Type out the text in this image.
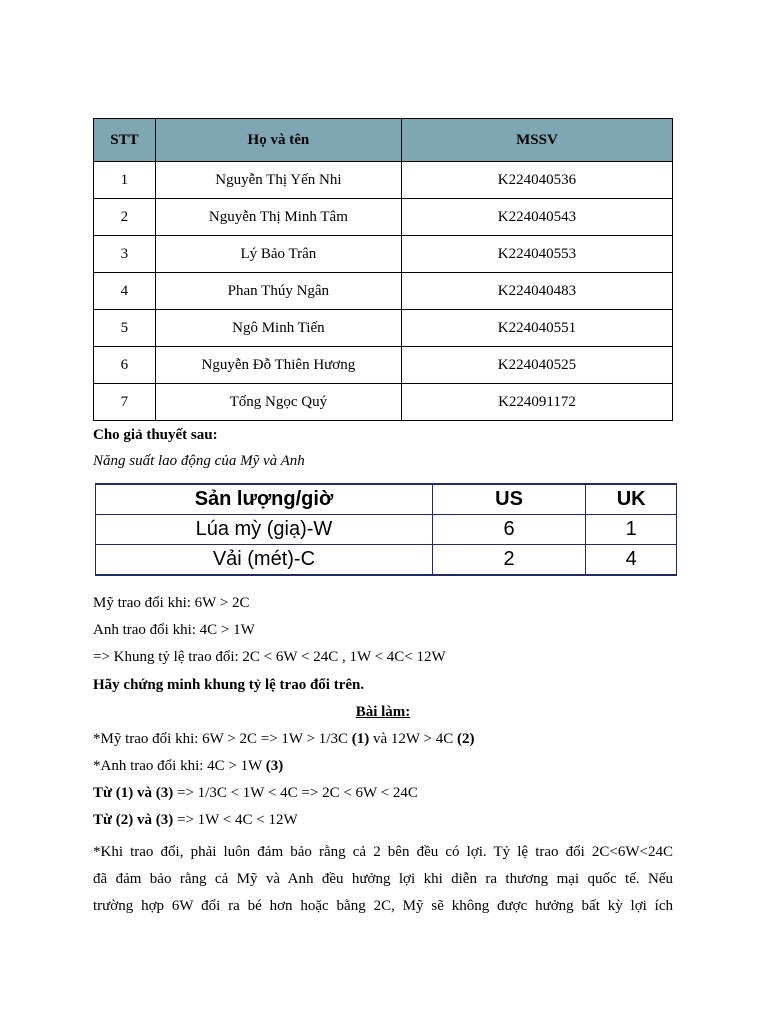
STT	Họ và tên	MSSV
1	Nguyễn Thị Yến Nhi	K224040536
2	Nguyễn Thị Minh Tâm	K224040543
3	Lý Bảo Trân	K224040553
4	Phan Thúy Ngân	K224040483
5	Ngô Minh Tiến	K224040551
6	Nguyễn Đỗ Thiên Hương	K224040525
7	Tống Ngọc Quý	K224091172
Cho giả thuyết sau:
Năng suất lao động của Mỹ và Anh
Sản lượng/giờ	US	UK
Lúa mỳ (giạ)-W	6	1
Vải (mét)-C	2	4
Mỹ trao đổi khi: 6W > 2C
Anh trao đổi khi: 4C > 1W
=> Khung tỷ lệ trao đổi: 2C < 6W < 24C , 1W < 4C< 12W
Hãy chứng minh khung tỷ lệ trao đổi trên.
Bài làm:
*Mỹ trao đổi khi: 6W > 2C => 1W > 1/3C (1) và 12W > 4C (2)
*Anh trao đổi khi: 4C > 1W (3)
Từ (1) và (3) => 1/3C < 1W < 4C => 2C < 6W < 24C
Từ (2) và (3) => 1W < 4C < 12W
*Khi trao đổi, phải luôn đảm bảo rằng cả 2 bên đều có lợi. Tỷ lệ trao đổi 2C<6W<24C
đã đảm bảo rằng cả Mỹ và Anh đều hưởng lợi khi diễn ra thương mại quốc tế. Nếu
trường hợp 6W đổi ra bé hơn hoặc bằng 2C, Mỹ sẽ không được hưởng bất kỳ lợi ích
